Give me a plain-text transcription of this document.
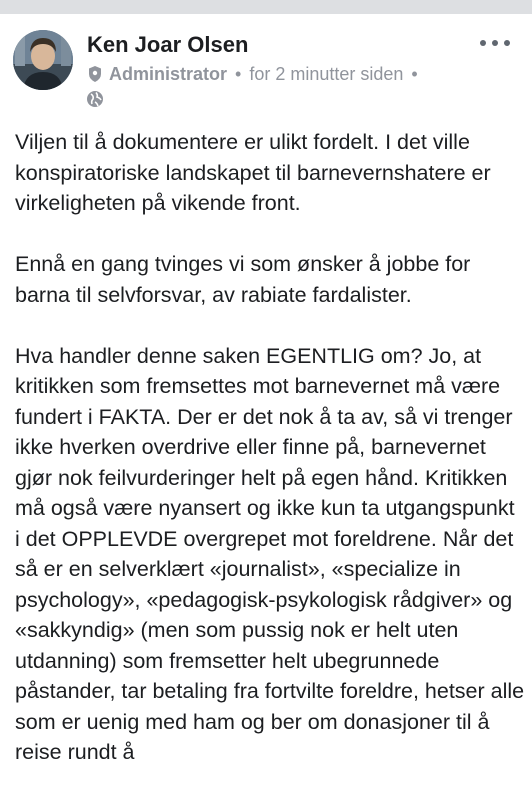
Ken Joar Olsen
Administrator • for 2 minutter siden •

Viljen til å dokumentere er ulikt fordelt. I det ville konspiratoriske landskapet til barnevernshatere er virkeligheten på vikende front.

Ennå en gang tvinges vi som ønsker å jobbe for barna til selvforsvar, av rabiate fardalister.

Hva handler denne saken EGENTLIG om? Jo, at kritikken som fremsettes mot barnevernet må være fundert i FAKTA. Der er det nok å ta av, så vi trenger ikke hverken overdrive eller finne på, barnevernet gjør nok feilvurderinger helt på egen hånd. Kritikken må også være nyansert og ikke kun ta utgangspunkt i det OPPLEVDE overgrepet mot foreldrene. Når det så er en selverklært «journalist», «specialize in psychology», «pedagogisk-psykologisk rådgiver» og «sakkyndig» (men som pussig nok er helt uten utdanning) som fremsetter helt ubegrunnede påstander, tar betaling fra fortvilte foreldre, hetser alle som er uenig med ham og ber om donasjoner til å reise rundt å
